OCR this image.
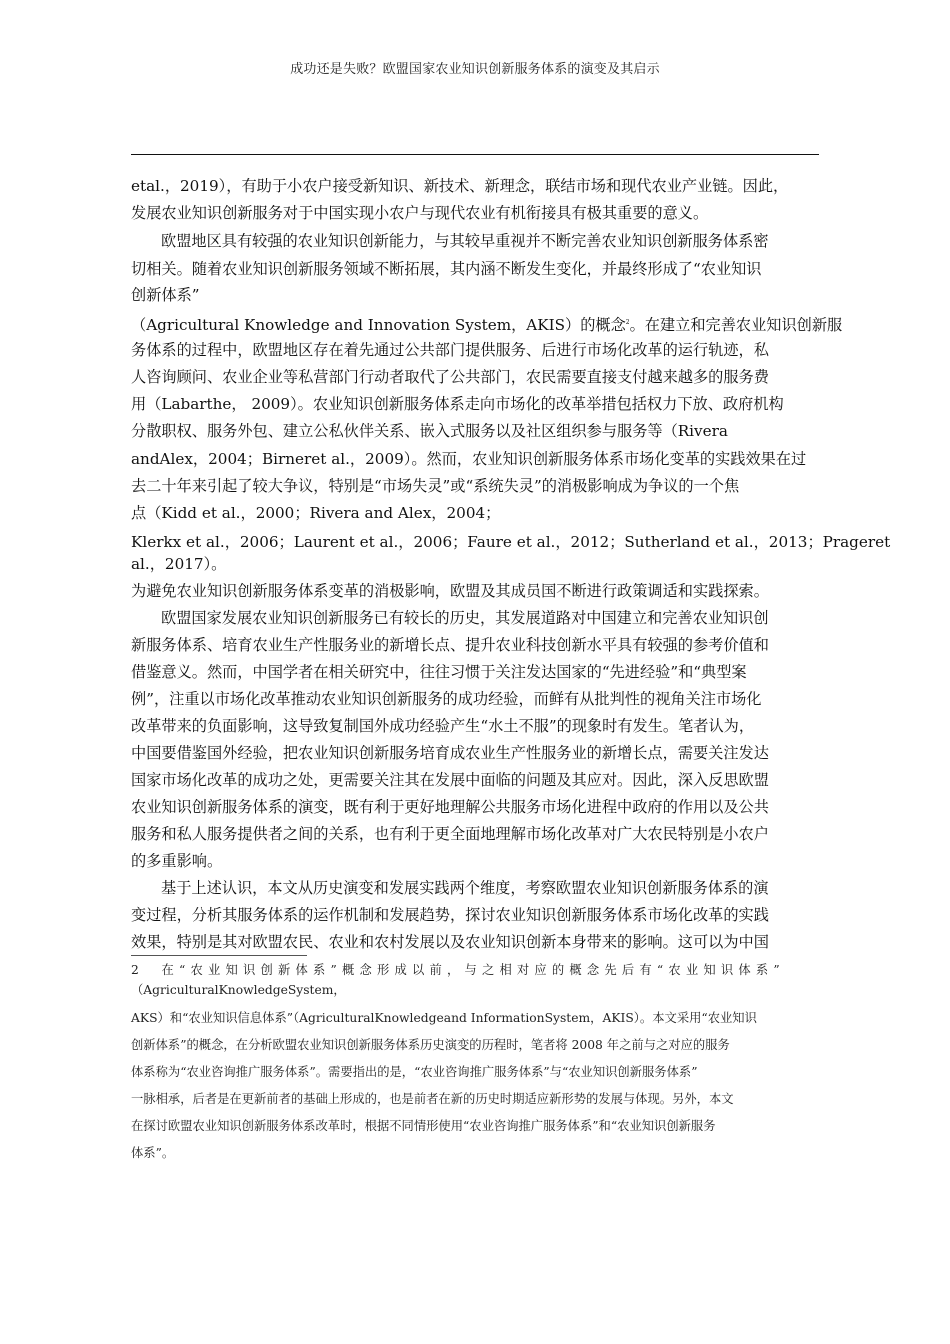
成功还是失败？欧盟国家农业知识创新服务体系的演变及其启示
etal.，2019），有助于小农户接受新知识、新技术、新理念，联结市场和现代农业产业链。因此，
发展农业知识创新服务对于中国实现小农户与现代农业有机衔接具有极其重要的意义。
欧盟地区具有较强的农业知识创新能力，与其较早重视并不断完善农业知识创新服务体系密
切相关。随着农业知识创新服务领域不断拓展，其内涵不断发生变化，并最终形成了“农业知识
创新体系”
（Agricultural Knowledge and Innovation System，AKIS）的概念$^2$。在建立和完善农业知识创新服
务体系的过程中，欧盟地区存在着先通过公共部门提供服务、后进行市场化改革的运行轨迹，私
人咨询顾问、农业企业等私营部门行动者取代了公共部门，农民需要直接支付越来越多的服务费
用（Labarthe， 2009）。农业知识创新服务体系走向市场化的改革举措包括权力下放、政府机构
分散职权、服务外包、建立公私伙伴关系、嵌入式服务以及社区组织参与服务等（Rivera
andAlex，2004；Birneret al.，2009）。然而，农业知识创新服务体系市场化变革的实践效果在过
去二十年来引起了较大争议，特别是“市场失灵”或“系统失灵”的消极影响成为争议的一个焦
点（Kidd et al.，2000；Rivera and Alex，2004；
Klerkx et al.，2006；Laurent et al.，2006；Faure et al.，2012；Sutherland et al.，2013；Prageret
al.，2017）。
为避免农业知识创新服务体系变革的消极影响，欧盟及其成员国不断进行政策调适和实践探索。
欧盟国家发展农业知识创新服务已有较长的历史，其发展道路对中国建立和完善农业知识创
新服务体系、培育农业生产性服务业的新增长点、提升农业科技创新水平具有较强的参考价值和
借鉴意义。然而，中国学者在相关研究中，往往习惯于关注发达国家的“先进经验”和“典型案
例”，注重以市场化改革推动农业知识创新服务的成功经验，而鲜有从批判性的视角关注市场化
改革带来的负面影响，这导致复制国外成功经验产生“水土不服”的现象时有发生。笔者认为，
中国要借鉴国外经验，把农业知识创新服务培育成农业生产性服务业的新增长点，需要关注发达
国家市场化改革的成功之处，更需要关注其在发展中面临的问题及其应对。因此，深入反思欧盟
农业知识创新服务体系的演变，既有利于更好地理解公共服务市场化进程中政府的作用以及公共
服务和私人服务提供者之间的关系，也有利于更全面地理解市场化改革对广大农民特别是小农户
的多重影响。
基于上述认识，本文从历史演变和发展实践两个维度，考察欧盟农业知识创新服务体系的演
变过程，分析其服务体系的运作机制和发展趋势，探讨农业知识创新服务体系市场化改革的实践
效果，特别是其对欧盟农民、农业和农村发展以及农业知识创新本身带来的影响。这可以为中国
2　在“农业知识创新体系”概念形成以前，与之相对应的概念先后有“农业知识体系”
（AgriculturalKnowledgeSystem，
AKS）和“农业知识信息体系”（AgriculturalKnowledgeand InformationSystem，AKIS）。本文采用“农业知识
创新体系”的概念，在分析欧盟农业知识创新服务体系历史演变的历程时，笔者将 2008 年之前与之对应的服务
体系称为“农业咨询推广服务体系”。需要指出的是，“农业咨询推广服务体系”与“农业知识创新服务体系”
一脉相承，后者是在更新前者的基础上形成的，也是前者在新的历史时期适应新形势的发展与体现。另外，本文
在探讨欧盟农业知识创新服务体系改革时，根据不同情形使用“农业咨询推广服务体系”和“农业知识创新服务
体系”。
